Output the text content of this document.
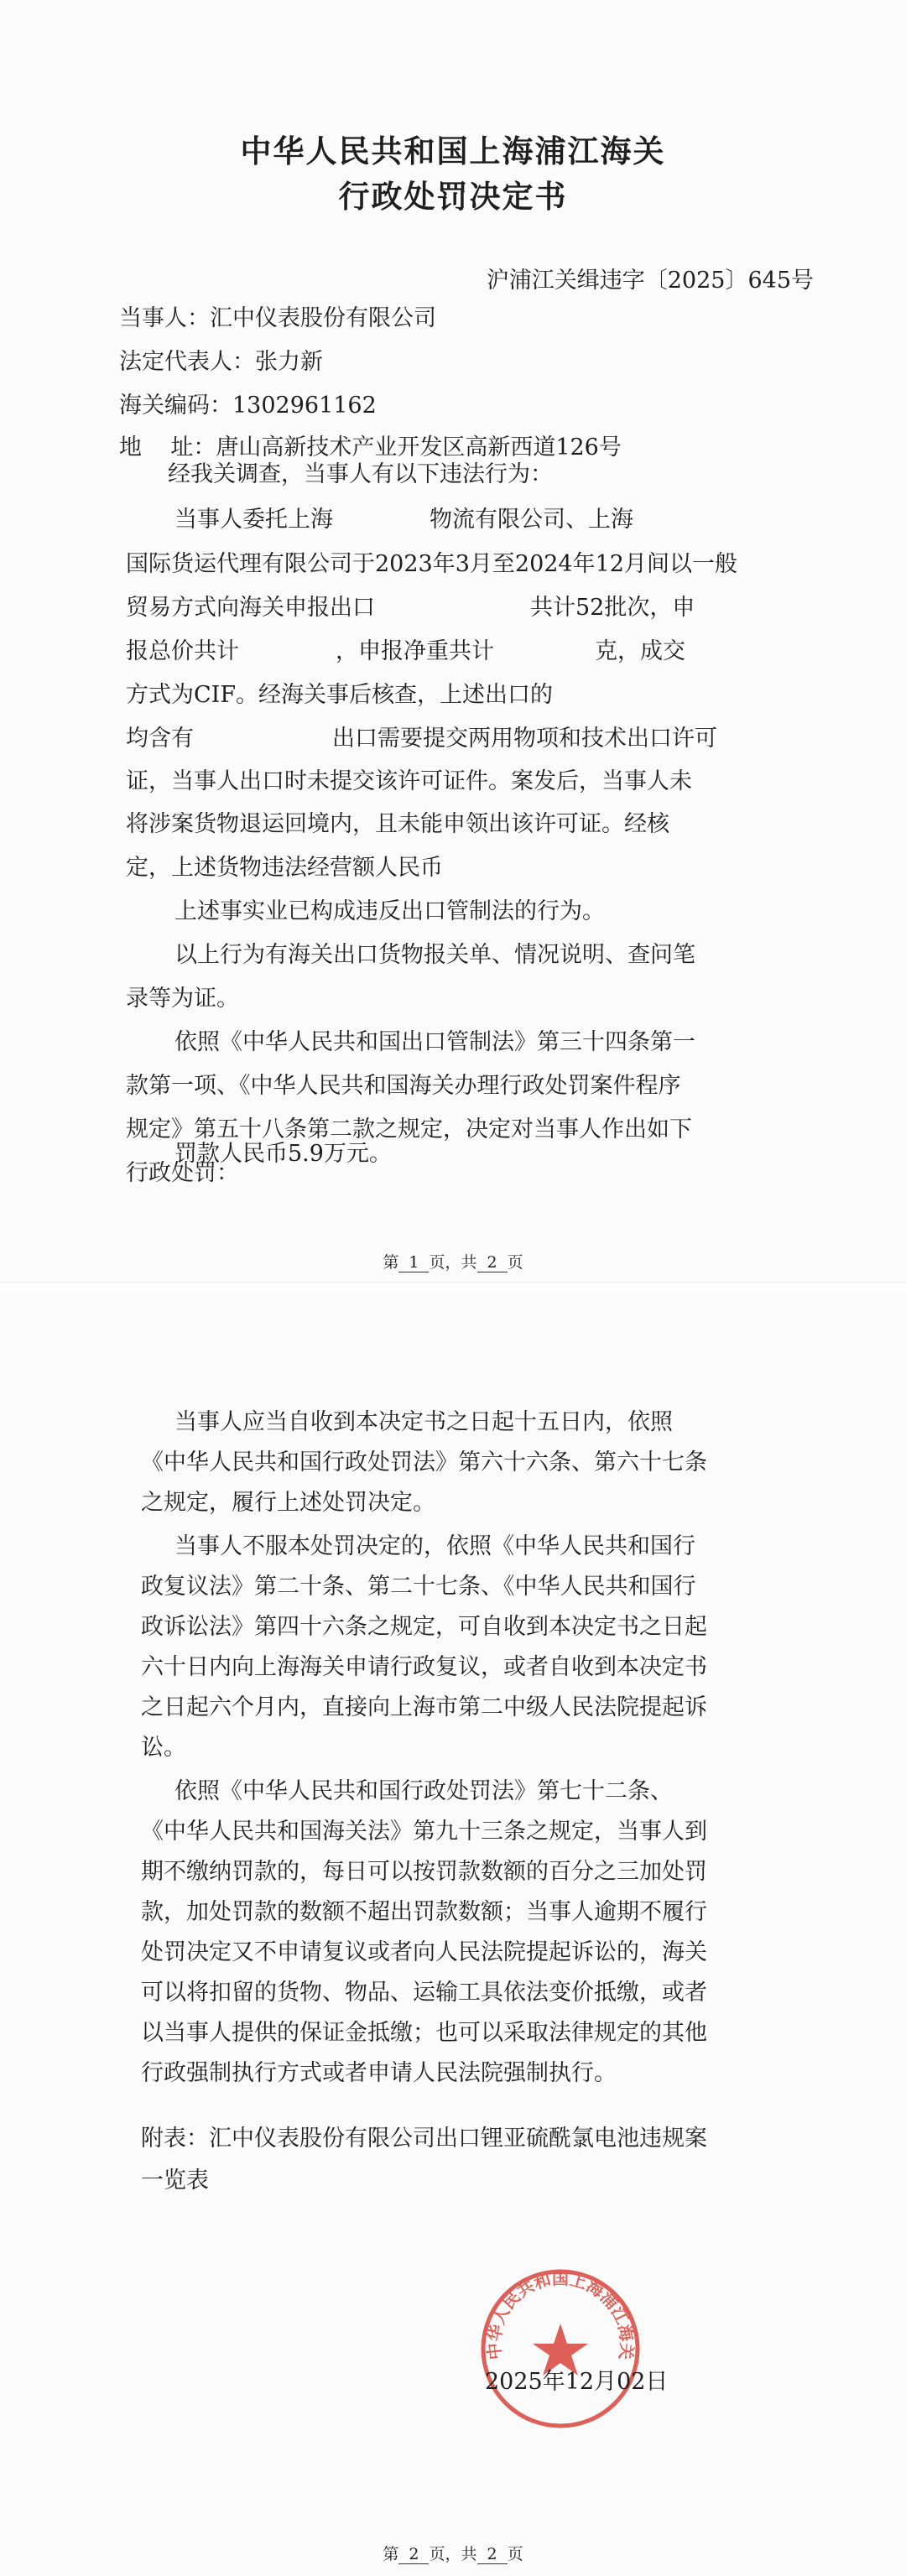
中华人民共和国上海浦江海关
行政处罚决定书
沪浦江关缉违字〔2025〕645号

当事人：汇中仪表股份有限公司

法定代表人：张力新

海关编码：1302961162

地    址：唐山高新技术产业开发区高新西道126号

经我关调查，当事人有以下违法行为：

当事人委托上海	物流有限公司、上海

国际货运代理有限公司于2023年3月至2024年12月间以一般

贸易方式向海关申报出口	共计52批次，申

报总价共计	，申报净重共计	克，成交

方式为CIF。经海关事后核查，上述出口的

均含有	出口需要提交两用物项和技术出口许可

证，当事人出口时未提交该许可证件。案发后，当事人未

将涉案货物退运回境内，且未能申领出该许可证。经核

定，上述货物违法经营额人民币

上述事实业已构成违反出口管制法的行为。

以上行为有海关出口货物报关单、情况说明、查问笔

录等为证。

依照《中华人民共和国出口管制法》第三十四条第一

款第一项、《中华人民共和国海关办理行政处罚案件程序

规定》第五十八条第二款之规定，决定对当事人作出如下

行政处罚：

罚款人民币5.9万元。

第 1 页，共 2 页

当事人应当自收到本决定书之日起十五日内，依照

《中华人民共和国行政处罚法》第六十六条、第六十七条

之规定，履行上述处罚决定。

当事人不服本处罚决定的，依照《中华人民共和国行

政复议法》第二十条、第二十七条、《中华人民共和国行

政诉讼法》第四十六条之规定，可自收到本决定书之日起

六十日内向上海海关申请行政复议，或者自收到本决定书

之日起六个月内，直接向上海市第二中级人民法院提起诉

讼。

依照《中华人民共和国行政处罚法》第七十二条、

《中华人民共和国海关法》第九十三条之规定，当事人到

期不缴纳罚款的，每日可以按罚款数额的百分之三加处罚

款，加处罚款的数额不超出罚款数额；当事人逾期不履行

处罚决定又不申请复议或者向人民法院提起诉讼的，海关

可以将扣留的货物、物品、运输工具依法变价抵缴，或者

以当事人提供的保证金抵缴；也可以采取法律规定的其他

行政强制执行方式或者申请人民法院强制执行。

附表：汇中仪表股份有限公司出口锂亚硫酰氯电池违规案

一览表

第 2 页，共 2 页
中华人民共和国上海浦江海关
2025年12月02日
